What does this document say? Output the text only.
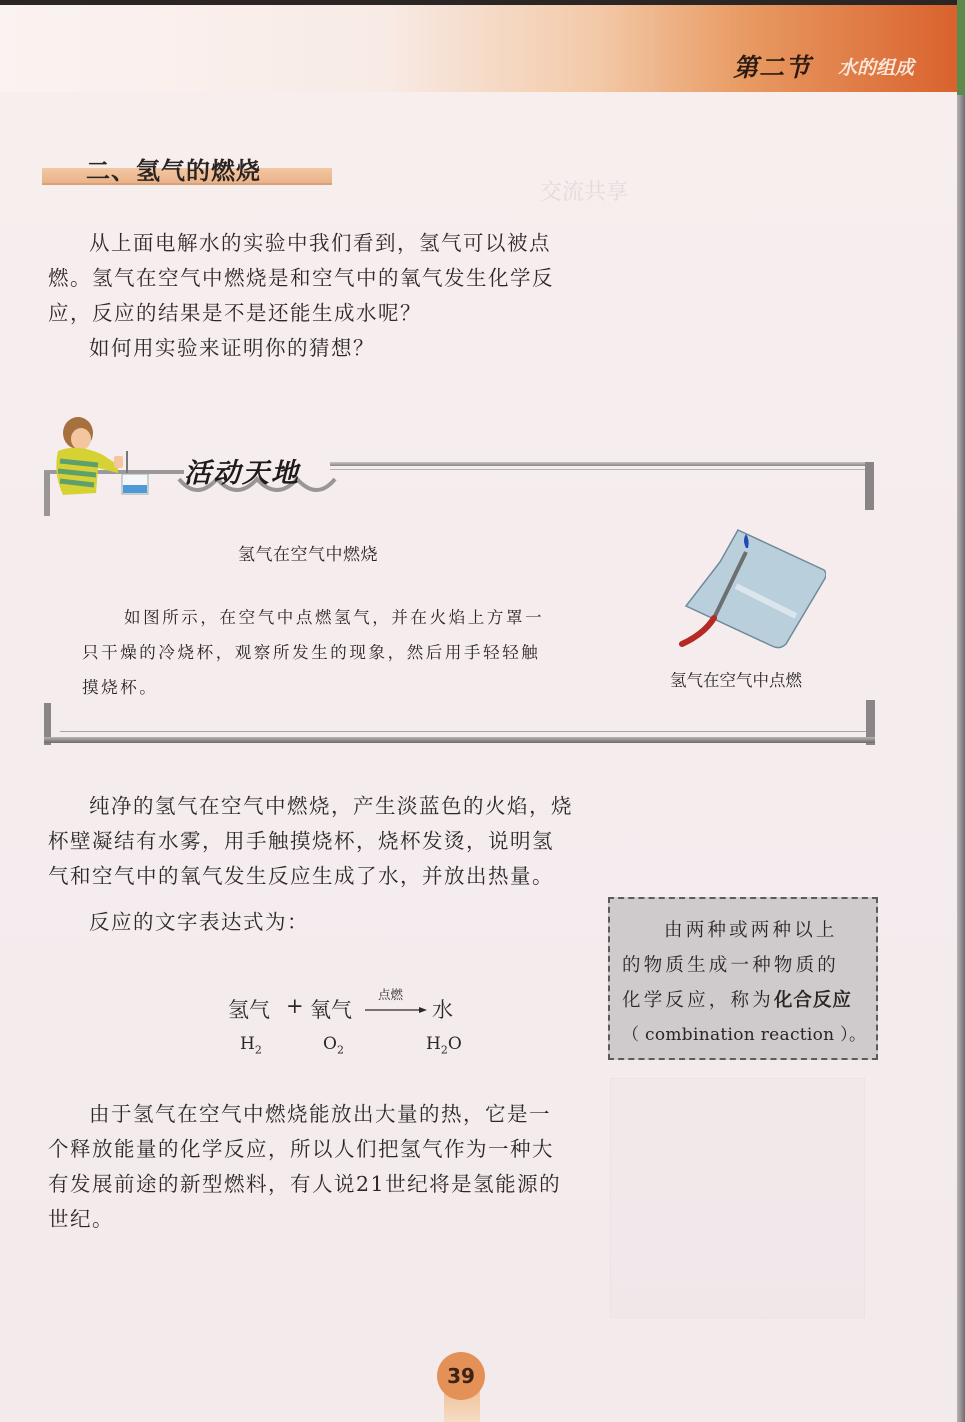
第二节 水的组成
交流共享
二、氢气的燃烧

从上面电解水的实验中我们看到，氢气可以被点

燃。氢气在空气中燃烧是和空气中的氧气发生化学反

应，反应的结果是不是还能生成水呢？

如何用实验来证明你的猜想？

活动天地
氢气在空气中燃烧

如图所示，在空气中点燃氢气，并在火焰上方罩一

只干燥的冷烧杯，观察所发生的现象，然后用手轻轻触

摸烧杯。	氢气在空气中点燃

纯净的氢气在空气中燃烧，产生淡蓝色的火焰，烧

杯壁凝结有水雾，用手触摸烧杯，烧杯发烫，说明氢

气和空气中的氧气发生反应生成了水，并放出热量。

反应的文字表达式为：

氢气 + 氧气
点燃
→ 水
$H_2$	$O_2$	$H_2O$

由两种或两种以上

的物质生成一种物质的

化学反应，称为化合反应

（ combination reaction ）。

由于氢气在空气中燃烧能放出大量的热，它是一

个释放能量的化学反应，所以人们把氢气作为一种大

有发展前途的新型燃料，有人说21世纪将是氢能源的

世纪。

39
